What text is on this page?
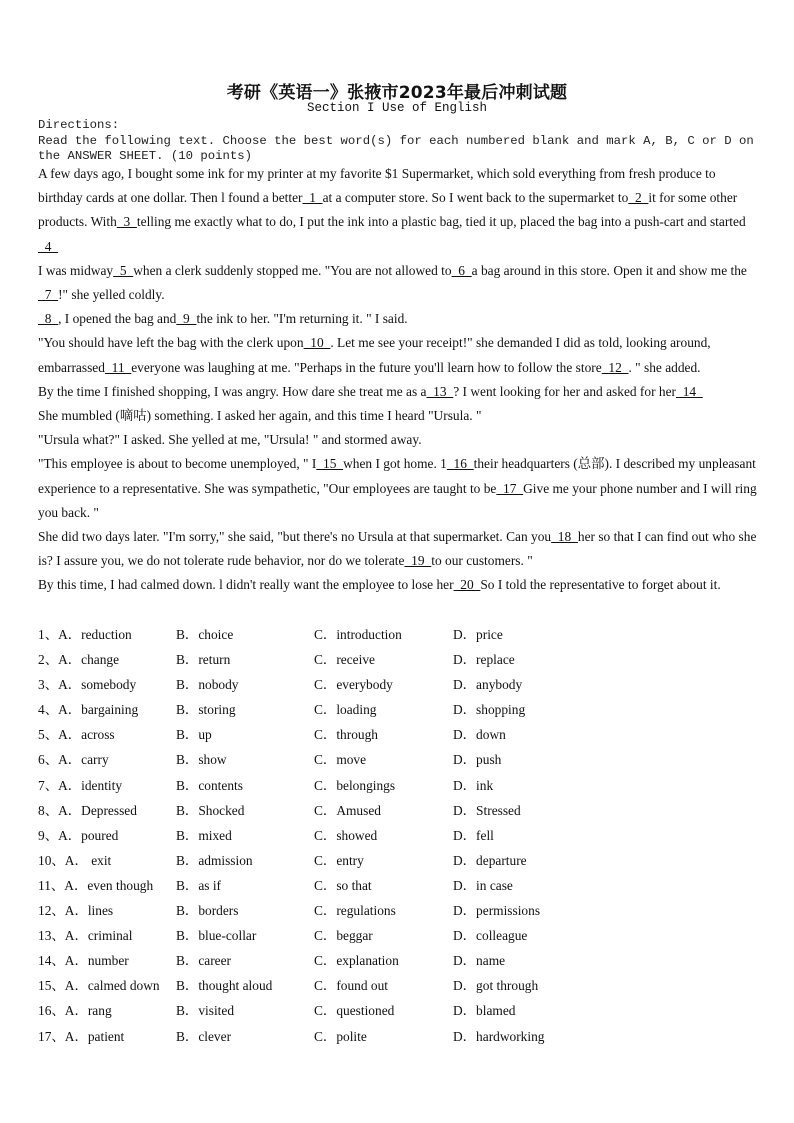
考研《英语一》张掖市2023年最后冲刺试题
Section I Use of English
Directions:
Read the following text. Choose the best word(s) for each numbered blank and mark A, B, C or D on the ANSWER SHEET. (10 points)

A few days ago, I bought some ink for my printer at my favorite $1 Supermarket, which sold everything from fresh produce to birthday cards at one dollar. Then l found a better  1  at a computer store. So I went back to the supermarket to  2  it for some other products. With  3  telling me exactly what to do, I put the ink into a plastic bag, tied it up, placed the bag into a push-cart and started  4

I was midway  5  when a clerk suddenly stopped me. "You are not allowed to  6  a bag around in this store. Open it and show me the  7  !" she yelled coldly.

8  , I opened the bag and  9  the ink to her. "I'm returning it. " I said.

"You should have left the bag with the clerk upon  10  . Let me see your receipt!" she demanded I did as told, looking around, embarrassed  11  everyone was laughing at me. "Perhaps in the future you'll learn how to follow the store  12  . " she added.

By the time I finished shopping, I was angry. How dare she treat me as a  13  ? I went looking for her and asked for her  14

She mumbled (嘀咕) something. I asked her again, and this time I heard "Ursula. "

"Ursula what?" I asked. She yelled at me, "Ursula! " and stormed away.

"This employee is about to become unemployed, " I  15  when I got home. 1  16  their headquarters (总部). I described my unpleasant experience to a representative. She was sympathetic, "Our employees are taught to be  17  Give me your phone number and I will ring you back. "

She did two days later. "I'm sorry," she said, "but there's no Ursula at that supermarket. Can you  18  her so that I can find out who she is? I assure you, we do not tolerate rude behavior, nor do we tolerate  19  to our customers. "

By this time, I had calmed down. l didn't really want the employee to lose her  20  So I told the representative to forget about it.

1、A．reduction	B．choice	C．introduction	D．price
2、A．change	B．return	C．receive	D．replace
3、A．somebody	B．nobody	C．everybody	D．anybody
4、A．bargaining	B．storing	C．loading	D．shopping
5、A．across	B．up	C．through	D．down
6、A．carry	B．show	C．move	D．push
7、A．identity	B．contents	C．belongings	D．ink
8、A．Depressed	B．Shocked	C．Amused	D．Stressed
9、A．poured	B．mixed	C．showed	D．fell
10、A． exit	B．admission	C．entry	D．departure
11、A．even though B．as if	C．so that	D．in case
12、A．lines	B．borders	C．regulations	D．permissions
13、A．criminal	B．blue-collar	C．beggar	D．colleague
14、A．number	B．career	C．explanation	D．name
15、A．calmed down B．thought aloud	C．found out	D．got through
16、A．rang	B．visited	C．questioned	D．blamed
17、A．patient	B．clever	C．polite	D．hardworking
